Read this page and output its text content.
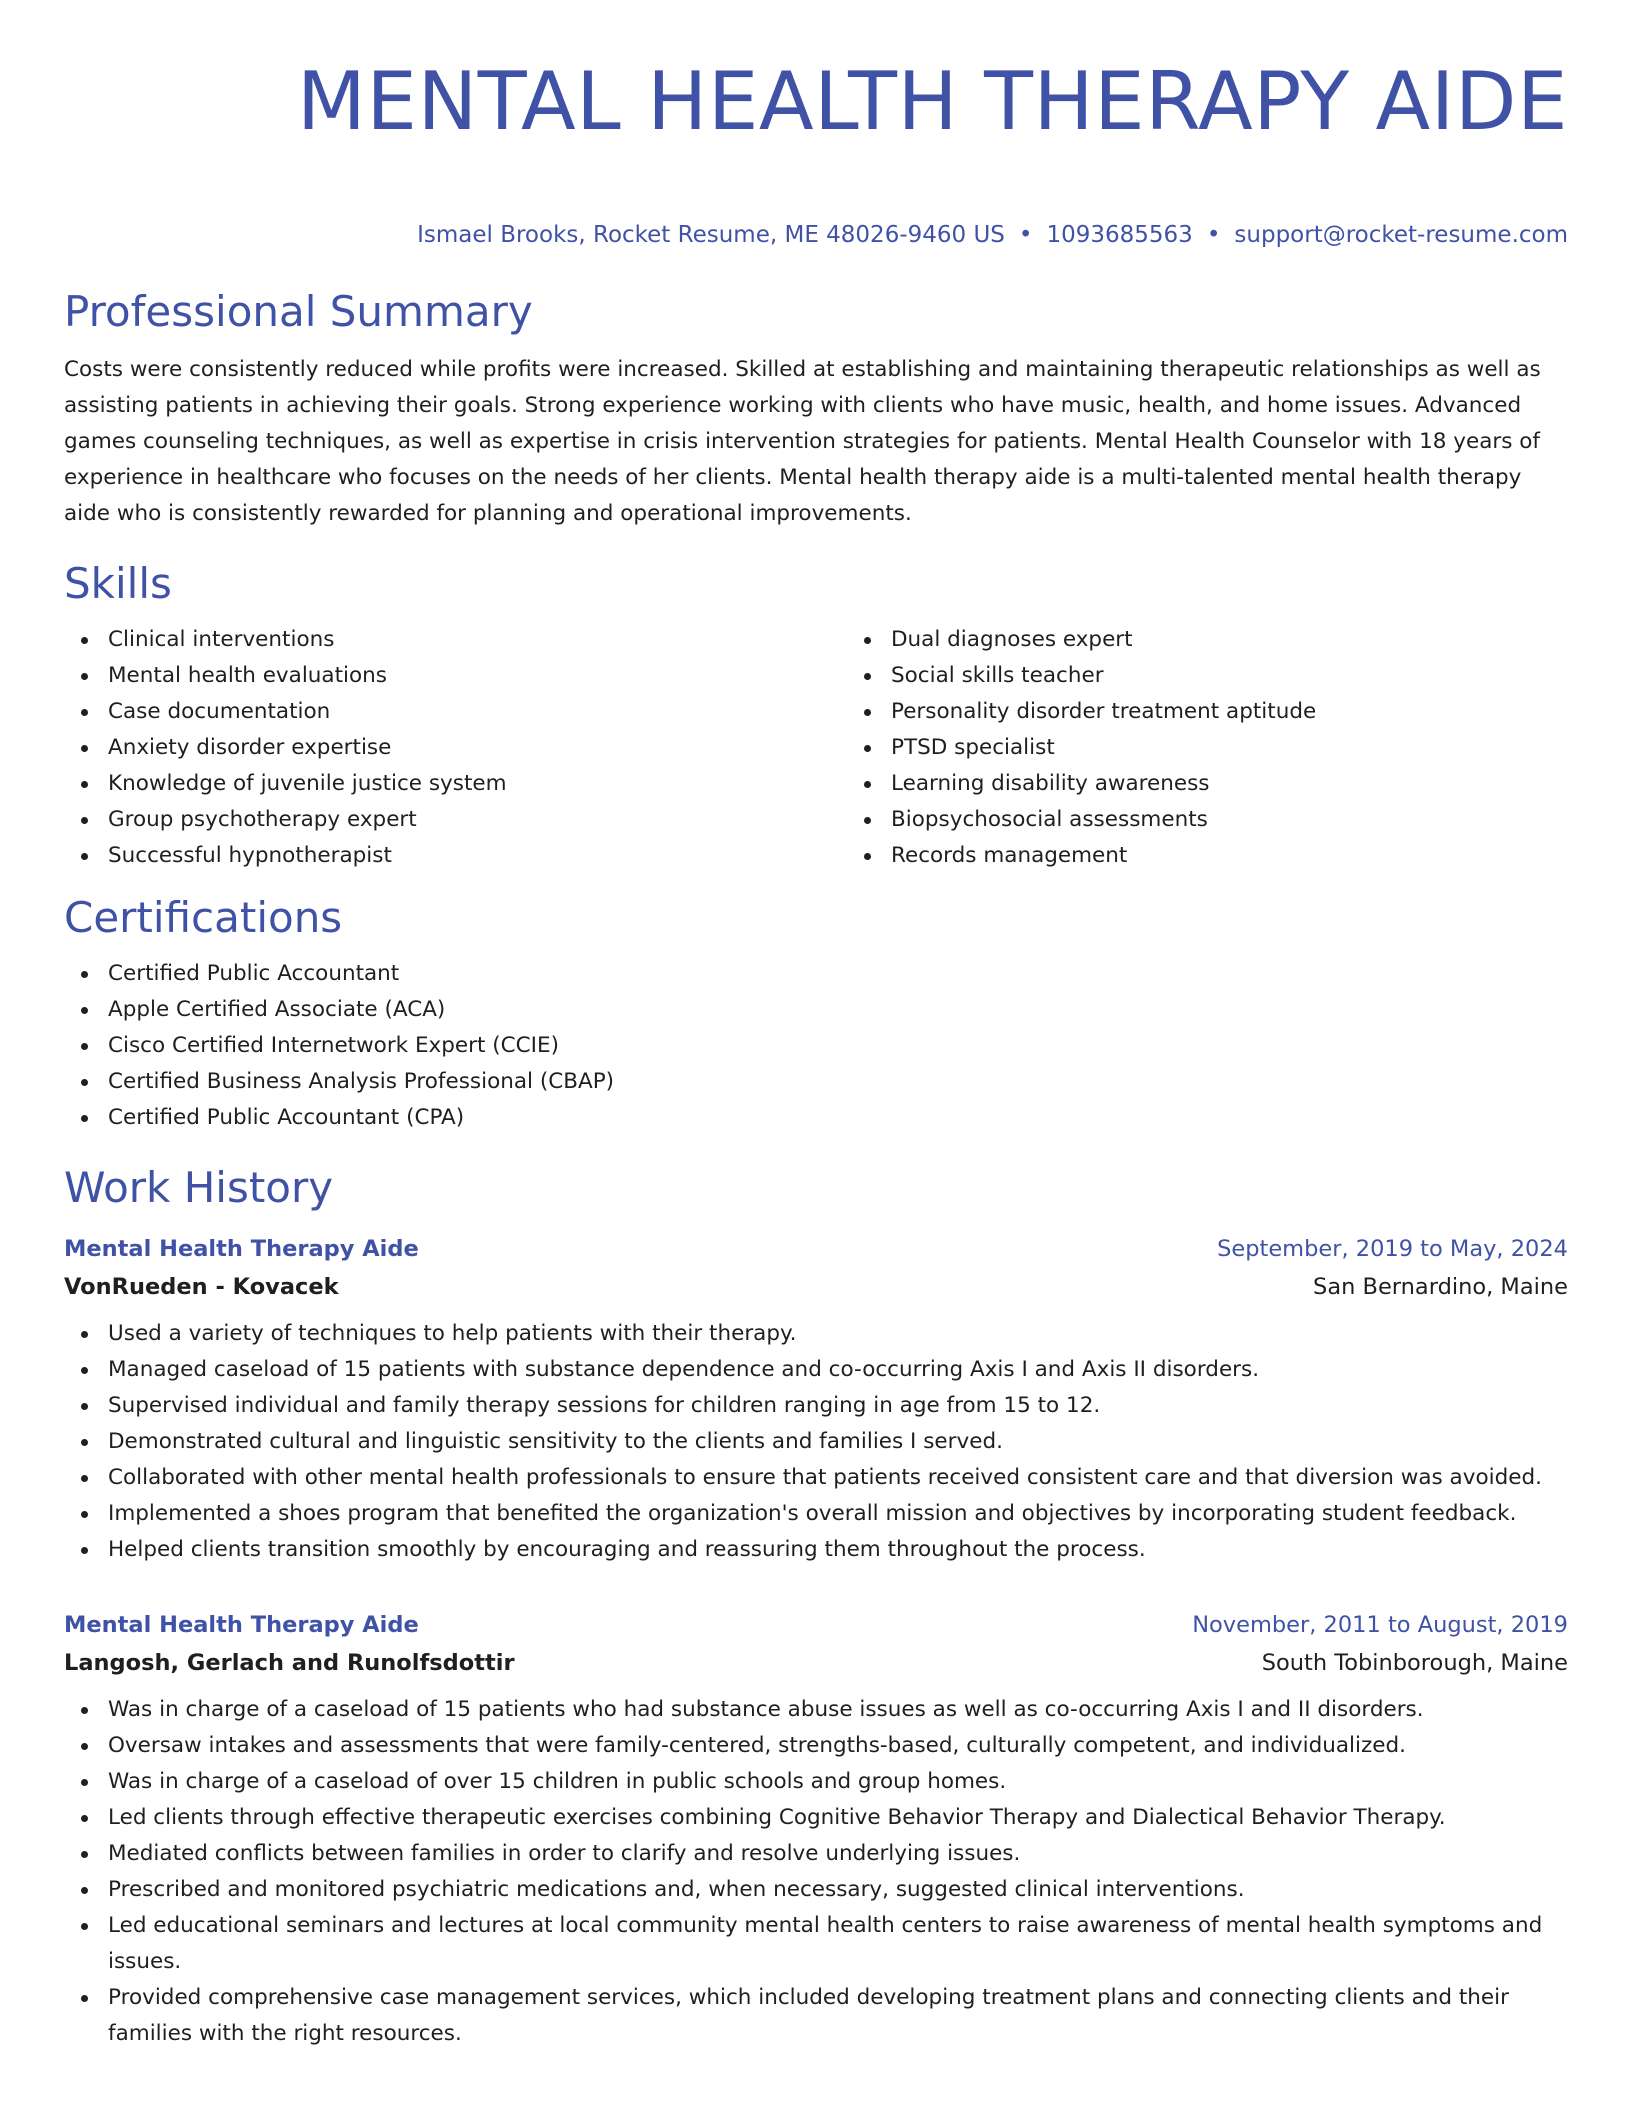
MENTAL HEALTH THERAPY AIDE
Ismael Brooks, Rocket Resume, ME 48026-9460 US • 1093685563 • support@rocket-resume.com
Professional Summary

Costs were consistently reduced while profits were increased. Skilled at establishing and maintaining therapeutic relationships as well as assisting patients in achieving their goals. Strong experience working with clients who have music, health, and home issues. Advanced games counseling techniques, as well as expertise in crisis intervention strategies for patients. Mental Health Counselor with 18 years of experience in healthcare who focuses on the needs of her clients. Mental health therapy aide is a multi-talented mental health therapy aide who is consistently rewarded for planning and operational improvements.

Skills
Clinical interventions
Mental health evaluations
Case documentation
Anxiety disorder expertise
Knowledge of juvenile justice system
Group psychotherapy expert
Successful hypnotherapist
Dual diagnoses expert
Social skills teacher
Personality disorder treatment aptitude
PTSD specialist
Learning disability awareness
Biopsychosocial assessments
Records management
Certifications
Certified Public Accountant
Apple Certified Associate (ACA)
Cisco Certified Internetwork Expert (CCIE)
Certified Business Analysis Professional (CBAP)
Certified Public Accountant (CPA)
Work History
Mental Health Therapy Aide	September, 2019 to May, 2024
VonRueden - Kovacek	San Bernardino, Maine
Used a variety of techniques to help patients with their therapy.
Managed caseload of 15 patients with substance dependence and co-occurring Axis I and Axis II disorders.
Supervised individual and family therapy sessions for children ranging in age from 15 to 12.
Demonstrated cultural and linguistic sensitivity to the clients and families I served.
Collaborated with other mental health professionals to ensure that patients received consistent care and that diversion was avoided.
Implemented a shoes program that benefited the organization's overall mission and objectives by incorporating student feedback.
Helped clients transition smoothly by encouraging and reassuring them throughout the process.
Mental Health Therapy Aide	November, 2011 to August, 2019
Langosh, Gerlach and Runolfsdottir	South Tobinborough, Maine
Was in charge of a caseload of 15 patients who had substance abuse issues as well as co-occurring Axis I and II disorders.
Oversaw intakes and assessments that were family-centered, strengths-based, culturally competent, and individualized.
Was in charge of a caseload of over 15 children in public schools and group homes.
Led clients through effective therapeutic exercises combining Cognitive Behavior Therapy and Dialectical Behavior Therapy.
Mediated conflicts between families in order to clarify and resolve underlying issues.
Prescribed and monitored psychiatric medications and, when necessary, suggested clinical interventions.
Led educational seminars and lectures at local community mental health centers to raise awareness of mental health symptoms and issues.
Provided comprehensive case management services, which included developing treatment plans and connecting clients and their families with the right resources.
